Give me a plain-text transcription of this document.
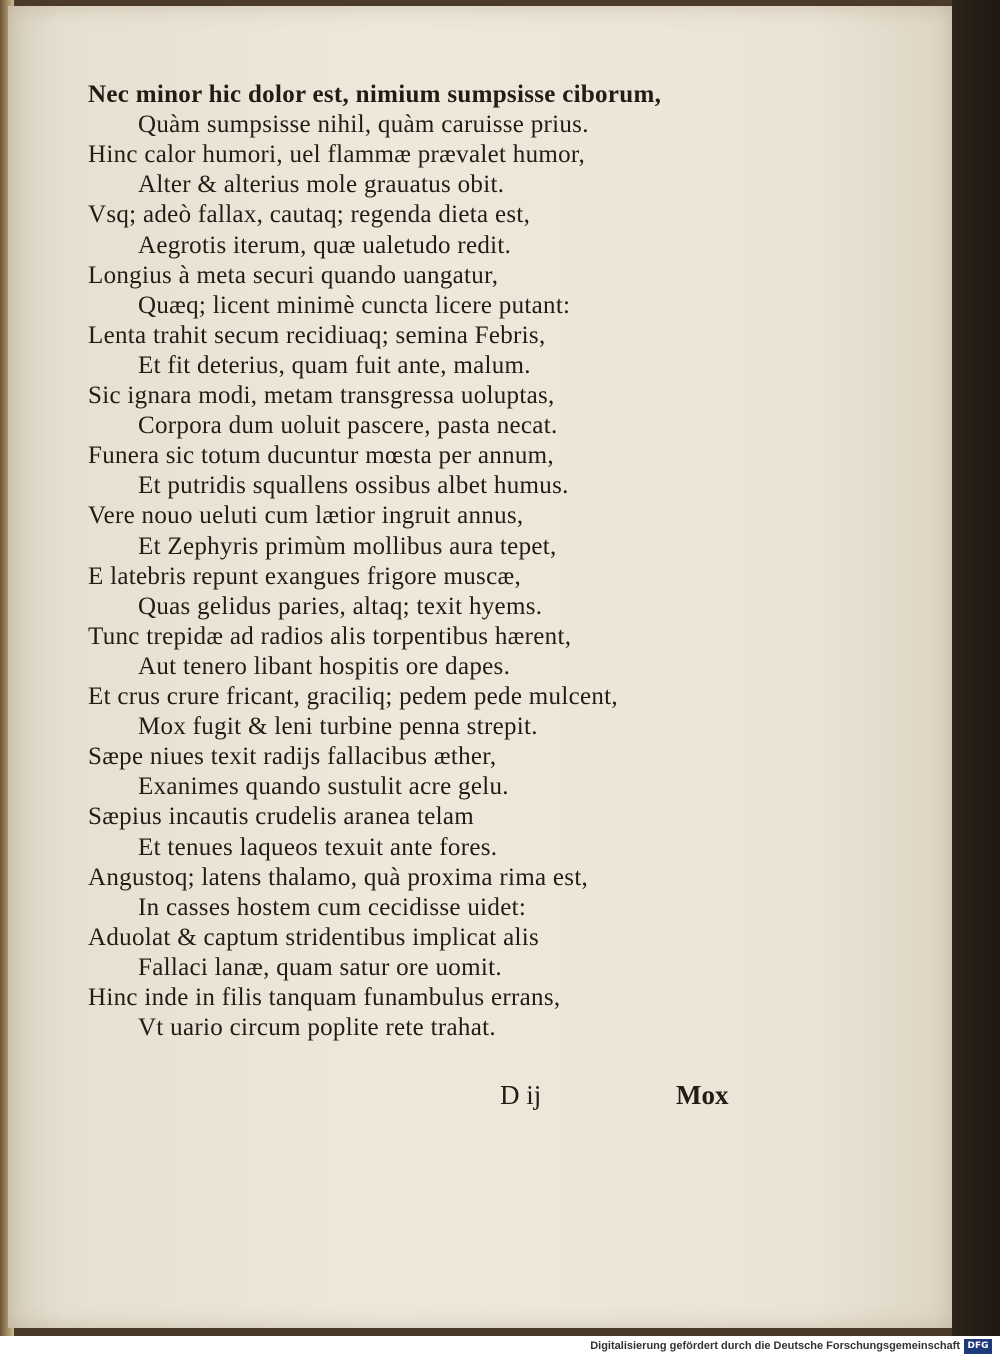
Nec minor hic dolor est, nimium sumpsisse ciborum,
Quàm sumpsisse nihil, quàm caruisse prius.
Hinc calor humori, uel flammæ prævalet humor,
Alter & alterius mole grauatus obit.
Vsq; adeò fallax, cautaq; regenda dieta est,
Aegrotis iterum, quæ ualetudo redit.
Longius à meta securi quando uangatur,
Quæq; licent minimè cuncta licere putant:
Lenta trahit secum recidiuaq; semina Febris,
Et fit deterius, quam fuit ante, malum.
Sic ignara modi, metam transgressa uoluptas,
Corpora dum uoluit pascere, pasta necat.
Funera sic totum ducuntur mœsta per annum,
Et putridis squallens ossibus albet humus.
Vere nouo ueluti cum lætior ingruit annus,
Et Zephyris primùm mollibus aura tepet,
E latebris repunt exangues frigore muscæ,
Quas gelidus paries, altaq; texit hyems.
Tunc trepidæ ad radios alis torpentibus hærent,
Aut tenero libant hospitis ore dapes.
Et crus crure fricant, graciliq; pedem pede mulcent,
Mox fugit & leni turbine penna strepit.
Sæpe niues texit radijs fallacibus æther,
Exanimes quando sustulit acre gelu.
Sæpius incautis crudelis aranea telam
Et tenues laqueos texuit ante fores.
Angustoq; latens thalamo, quà proxima rima est,
In casses hostem cum cecidisse uidet:
Aduolat & captum stridentibus implicat alis
Fallaci lanæ, quam satur ore uomit.
Hinc inde in filis tanquam funambulus errans,
Vt uario circum poplite rete trahat.
D ij	Mox
Digitalisierung gefördert durch die Deutsche Forschungsgemeinschaft DFG
